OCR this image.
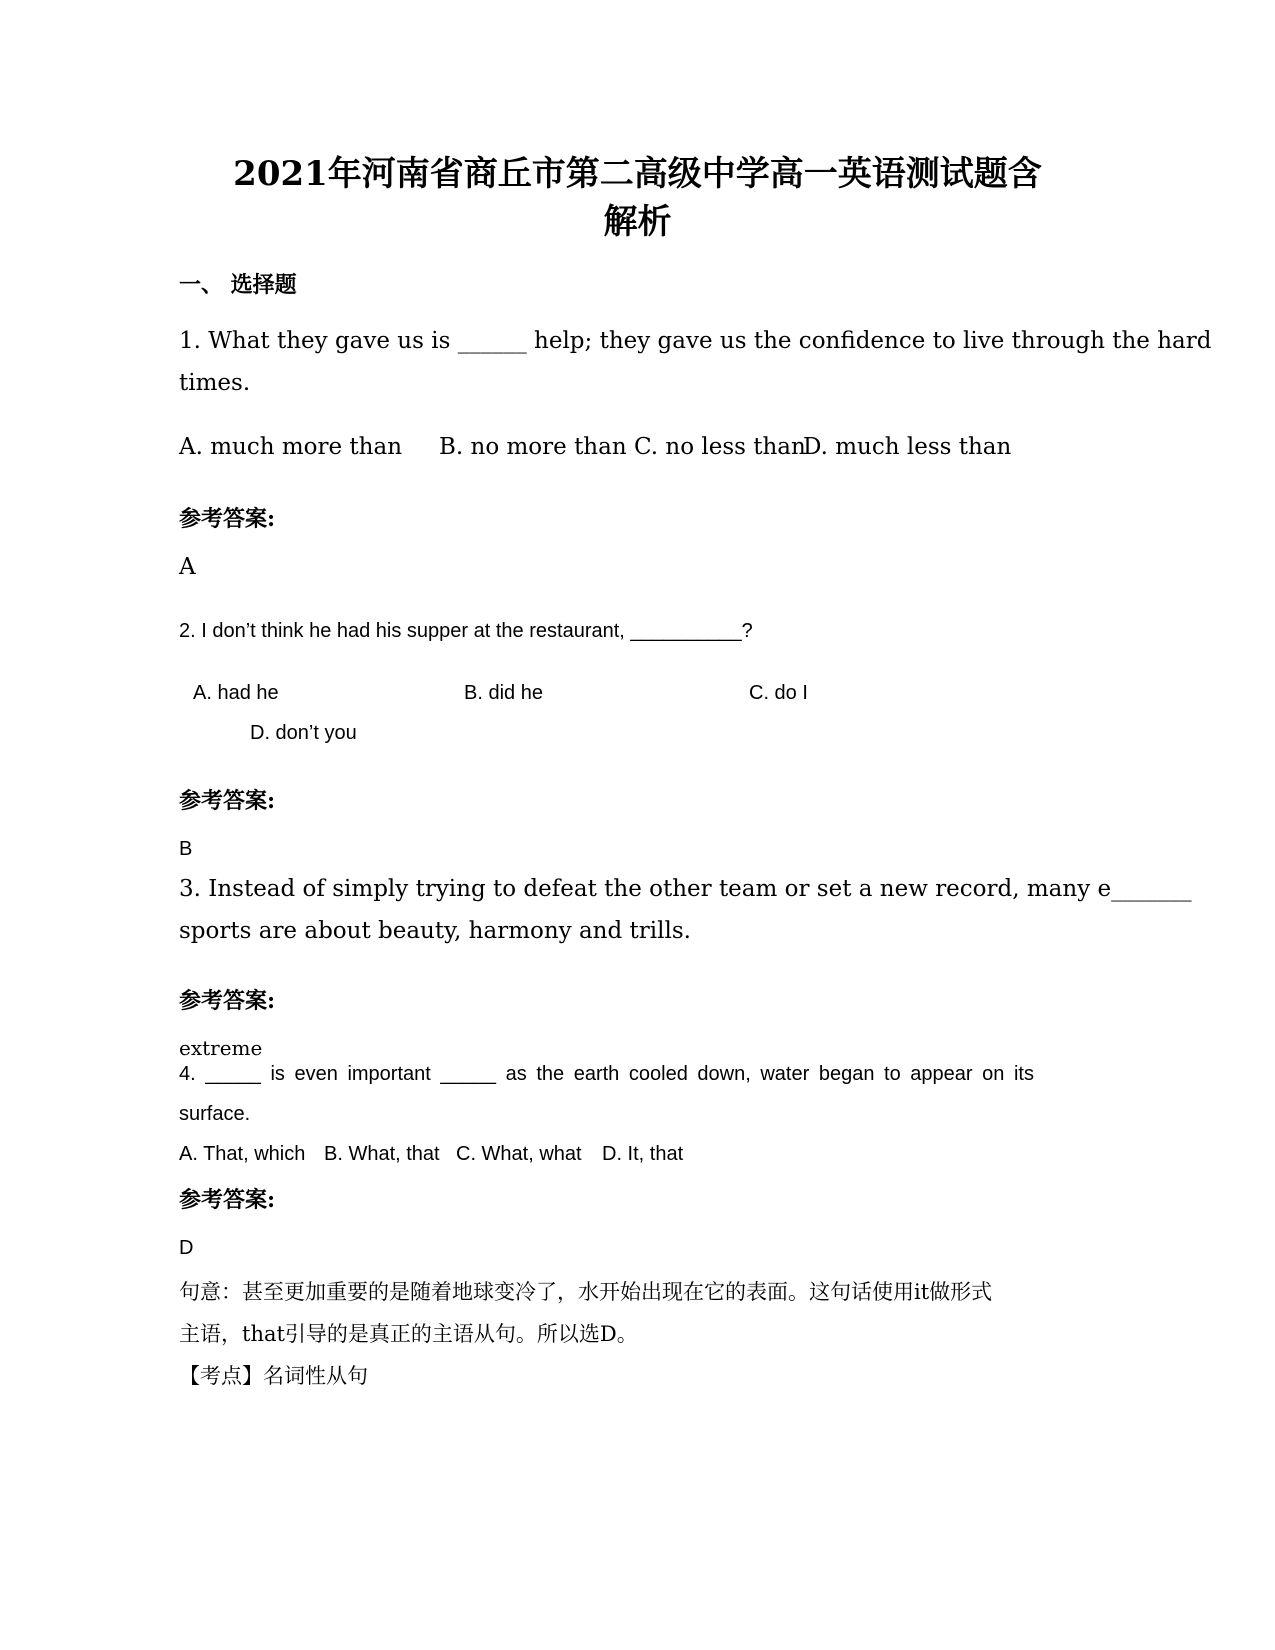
2021年河南省商丘市第二高级中学高一英语测试题含
解析
一、 选择题
1. What they gave us is ______ help; they gave us the confidence to live through the hard
times.
A. much more than B. no more than C. no less than
D. much less than
参考答案:
A
2. I don’t think he had his supper at the restaurant, __________?
A. had he	B. did he	C. do I
D. don’t you
参考答案:
B
3. Instead of simply trying to defeat the other team or set a new record, many e_______
sports are about beauty, harmony and trills.
参考答案:
extreme
4. _____ is even important _____ as the earth cooled down, water began to appear on its
surface.
A. That, which B. What, that C. What, what D. It, that
参考答案:
D
句意：甚至更加重要的是随着地球变冷了，水开始出现在它的表面。这句话使用it做形式
主语，that引导的是真正的主语从句。所以选D。
【考点】名词性从句
